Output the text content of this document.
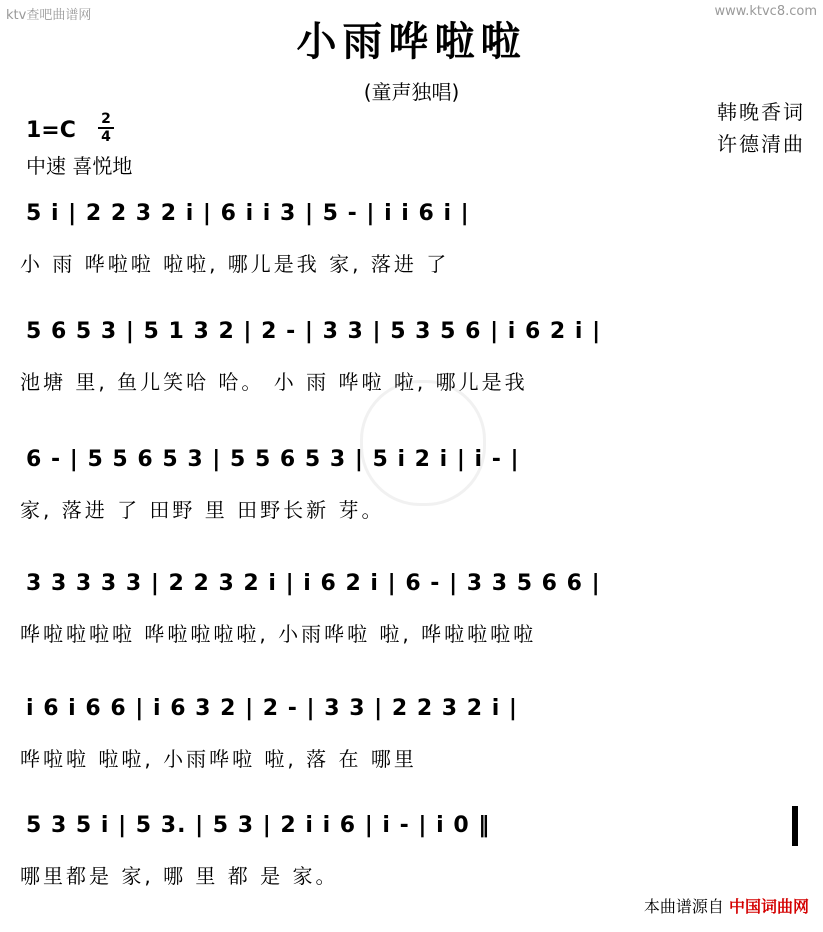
ktv查吧曲谱网	www.ktvc8.com
小雨哗啦啦
(童声独唱)
韩晚香词
许德清曲
1=C 2
4
中速 喜悦地
5 i | 2 2 3 2 i | 6 i i 3 | 5 - | i i 6 i |
小 雨 哗啦啦 啦啦, 哪儿是我 家, 落进 了
5 6 5 3 | 5 1 3 2 | 2 - | 3 3 | 5 3 5 6 | i 6 2 i |
池塘 里, 鱼儿笑哈 哈。 小 雨 哗啦 啦, 哪儿是我
6 - | 5 5 6 5 3 | 5 5 6 5 3 | 5 i 2 i | i - |
家, 落进 了 田野 里 田野长新 芽。
3 3 3 3 3 | 2 2 3 2 i | i 6 2 i | 6 - | 3 3 5 6 6 |
哗啦啦啦啦 哗啦啦啦啦, 小雨哗啦 啦, 哗啦啦啦啦
i 6 i 6 6 | i 6 3 2 | 2 - | 3 3 | 2 2 3 2 i |
哗啦啦 啦啦, 小雨哗啦 啦, 落 在 哪里
5 3 5 i | 5 3. | 5 3 | 2 i i 6 | i - | i 0 ‖
哪里都是 家, 哪 里 都 是 家。
本曲谱源自 中国词曲网
